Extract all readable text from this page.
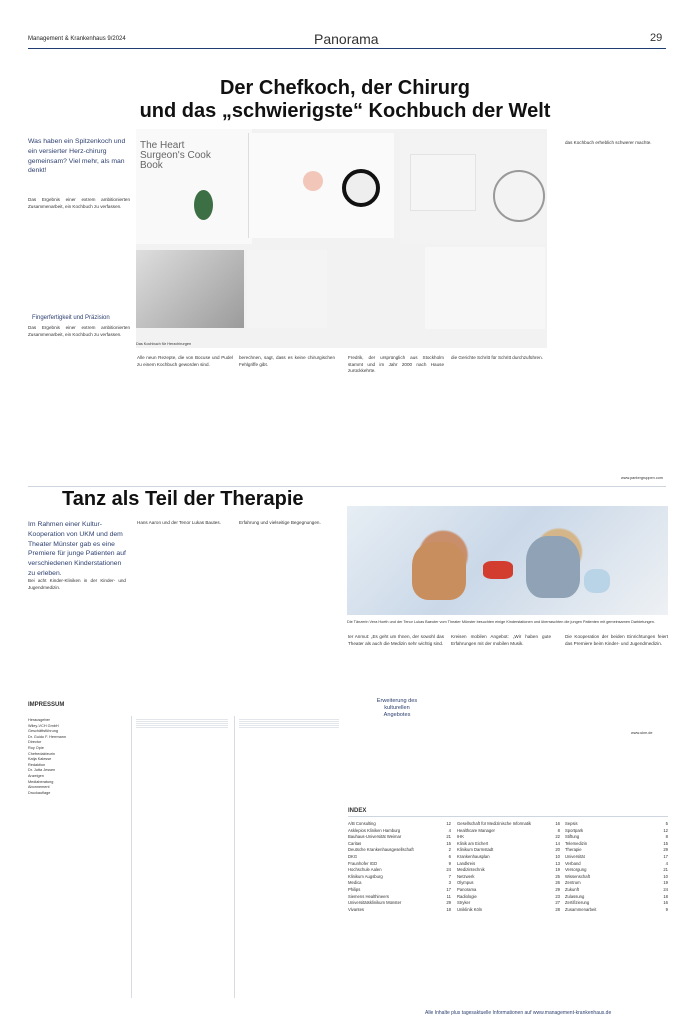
Management & Krankenhaus 9/2024	Panorama	29
Der Chefkoch, der Chirurg
und das „schwierigste“ Kochbuch der Welt
Was haben ein Spitzenkoch und ein versierter Herz-chirurg gemeinsam? Viel mehr, als man denkt!
The Heart Surgeon's Cook Book
Das Kochbuch für Herzchirurgen
Das Ergebnis einer extrem ambitionierten Zusammenarbeit, ein Kochbuch zu verfassen.
Fingerfertigkeit und Präzision
Das Ergebnis einer extrem ambitionierten Zusammenarbeit, ein Kochbuch zu verfassen.
Alle neun Rezepte, die von Bocuse und Pudel zu einem Kochbuch geworden sind.
berechnen, sagt, dass es keine chirurgischen Fehlgriffe gibt.
Fredrik, der ursprünglich aus Stockholm stammt und im Jahr 2000 nach Hause zurückkehrte.
die Gerichte Schritt für Schritt durchzuführen.
das Kochbuch erheblich schwerer machte.
www.pantergruppen.com
Tanz als Teil der Therapie
Im Rahmen einer Kultur-Kooperation von UKM und dem Theater Münster gab es eine Premiere für junge Patienten auf verschiedenen Kinderstationen zu erleben.
Bei acht Kinder-Kliniken in der Kinder- und Jugendmedizin.
Hans Aaron und der Tenor Lukas Bautes.	Erfahrung und vielseitige Begegnungen.
Die Tänzerin Vera Hoeth und der Tenor Lukas Baeuter vom Theater Münster besuchten einige Kinderstationen und überraschten die jungen Patienten mit gemeinsamen Darbietungen.
ter Anmut: „Es geht um Ihnen, der sowohl das Theater als auch die Medizin sehr wichtig sind.
Erweiterung des kulturellen Angebotes
Kreisen mobilen Angebot: „Wir haben gute Erfahrungen mit der mobilen Musik.
Die Kooperation der beiden Einrichtungen feiert das Premiere beim Kinder- und Jugendmedizin.
www.ukm.de
IMPRESSUM
Herausgeber
Wiley-VCH GmbH
Geschäftsführung
Dr. Guido F. Herrmann
Director
Roy Opie
Chefredakteurin
Katja Kalesse
Redaktion
Dr. Jutta Jessen
Anzeigen
Mediaberatung
Abonnement
Druckauflage
INDEX
A/B Consulting	12
Asklepios Kliniken Hamburg	4
Bauhaus-Universität Weimar	21
Caritas	15
Deutsche Krankenhausgesellschaft	2
DKG	6
Fraunhofer IGD	9
Hochschule Aalen	24
Klinikum Augsburg	7
Medica	3
Philips	17
Siemens Healthineers	11
Universitätsklinikum Münster	29
Vivantes	18
Gesellschaft für Medizinische Informatik	16
Healthcare Manager	8
IHK	22
Klinik am Eichert	14
Klinikum Darmstadt	20
Krankenhausplan	10
Landkreis	13
Medizintechnik	19
Netzwerk	25
Olympus	26
Panorama	29
Radiologie	23
Stryker	27
Uniklinik Köln	28
Sepsis	5
Sportpark	12
Stiftung	8
Telemedizin	15
Therapie	29
Universität	17
Verband	4
Versorgung	21
Wissenschaft	10
Zentrum	19
Zukunft	24
Zulassung	18
Zertifizierung	16
Zusammenarbeit	9
Alle Inhalte plus tagesaktuelle Informationen auf www.management-krankenhaus.de
